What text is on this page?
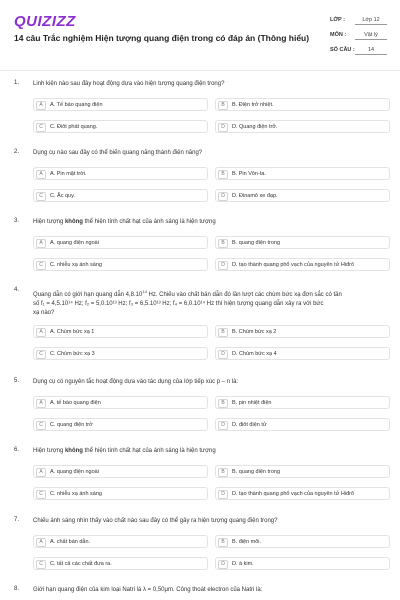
QUIZIZZ
14 câu Trắc nghiệm Hiện tượng quang điện trong có đáp án (Thông hiểu)
LỚP :	Lớp 12
MÔN :	Vật lý
SỐ CÂU :	14
1. Linh kiện nào sau đây hoạt động dựa vào hiện tượng quang điện trong?
A	A. Tế bào quang điện	B	B. Điện trở nhiệt.
C	C. Điôt phát quang.	D	D. Quang điện trở.
2. Dụng cụ nào sau đây có thể biến quang năng thành điện năng?
A	A. Pin mặt trời.	B	B. Pin Vôn-ta.
C	C. Ắc quy.	D	D. Đinamô xe đạp.
3. Hiện tượng không thể hiện tính chất hạt của ánh sáng là hiện tượng
A	A. quang điện ngoài	B	B. quang điện trong
C	C. nhiễu xạ ánh sáng	D	D. tạo thành quang phổ vạch của nguyên tử Hiđrô
4.
Quang dẫn có giới hạn quang dẫn 4,8.10$^{14}$ Hz. Chiếu vào chất bán dẫn đó lần lượt các chùm bức xạ đơn sắc có tần
số f₁ = 4,5.10¹⁴ Hz; f₂ = 5,0.10¹³ Hz; f₃ = 6,5.10¹³ Hz; f₄ = 6,0.10¹⁴ Hz thì hiện tượng quang dẫn xảy ra với bức
xạ nào?
A	A. Chùm bức xạ 1	B	B. Chùm bức xạ 2
C	C. Chùm bức xạ 3	D	D. Chùm bức xạ 4
5. Dụng cụ có nguyên tắc hoạt động dựa vào tác dụng của lớp tiếp xúc p – n là:
A	A. tế bào quang điện	B	B. pin nhiệt điện
C	C. quang điện trở	D	D. điôt điện tử
6. Hiện tượng không thể hiện tính chất hạt của ánh sáng là hiện tượng
A	A. quang điện ngoài	B	B. quang điện trong
C	C. nhiễu xạ ánh sáng	D	D. tạo thành quang phổ vạch của nguyên tử Hiđrô
7. Chiếu ánh sáng nhìn thấy vào chất nào sau đây có thể gây ra hiện tượng quang điện trong?
A	A. chất bán dẫn.	B	B. điện môi.
C	C. tất cả các chất đưa ra.	D	D. á kim.
8. Giới hạn quang điện của kim loại Natri là λ = 0,50μm. Công thoát electron của Natri là:
